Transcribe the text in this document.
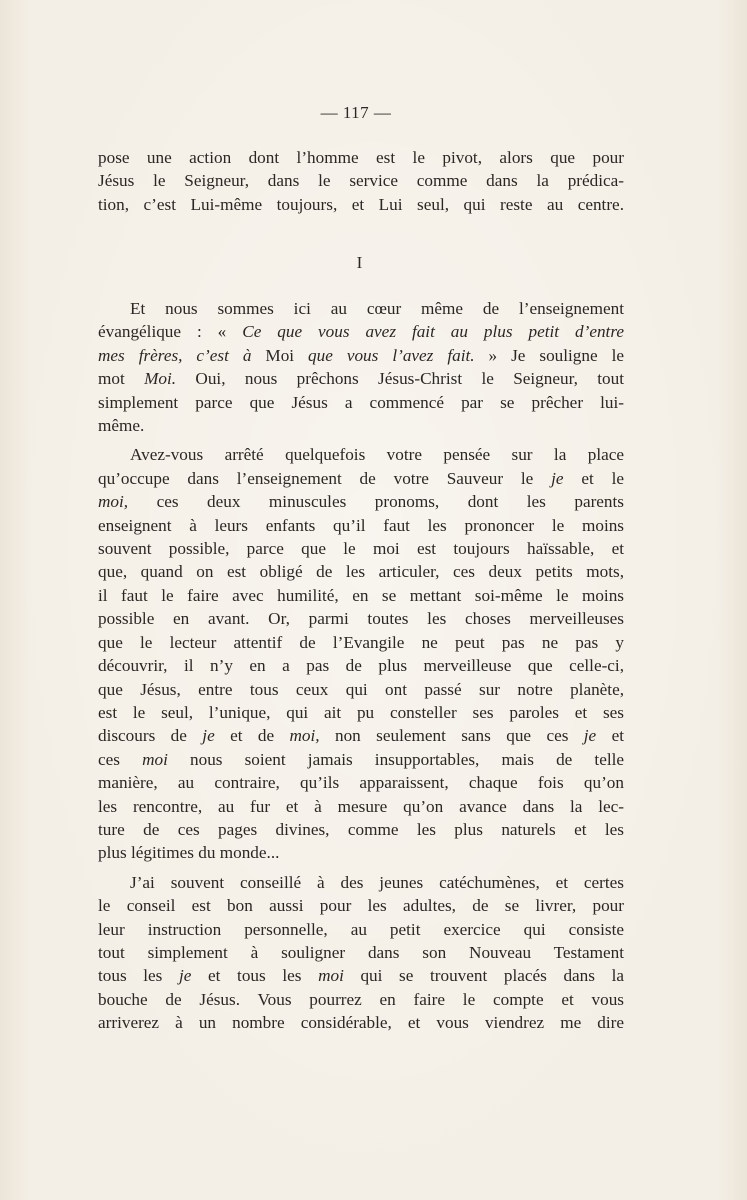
— 117 —

pose une action dont l’homme est le pivot, alors que pour
Jésus le Seigneur, dans le service comme dans la prédica-
tion, c’est Lui-même toujours, et Lui seul, qui reste au centre.

I

Et nous sommes ici au cœur même de l’enseignement
évangélique : « Ce que vous avez fait au plus petit d’entre
mes frères, c’est à Moi que vous l’avez fait. » Je souligne le
mot Moi. Oui, nous prêchons Jésus-Christ le Seigneur, tout
simplement parce que Jésus a commencé par se prêcher lui-
même.

Avez-vous arrêté quelquefois votre pensée sur la place
qu’occupe dans l’enseignement de votre Sauveur le je et le
moi, ces deux minuscules pronoms, dont les parents
enseignent à leurs enfants qu’il faut les prononcer le moins
souvent possible, parce que le moi est toujours haïssable, et
que, quand on est obligé de les articuler, ces deux petits mots,
il faut le faire avec humilité, en se mettant soi-même le moins
possible en avant. Or, parmi toutes les choses merveilleuses
que le lecteur attentif de l’Evangile ne peut pas ne pas y
découvrir, il n’y en a pas de plus merveilleuse que celle-ci,
que Jésus, entre tous ceux qui ont passé sur notre planète,
est le seul, l’unique, qui ait pu consteller ses paroles et ses
discours de je et de moi, non seulement sans que ces je et
ces moi nous soient jamais insupportables, mais de telle
manière, au contraire, qu’ils apparaissent, chaque fois qu’on
les rencontre, au fur et à mesure qu’on avance dans la lec-
ture de ces pages divines, comme les plus naturels et les
plus légitimes du monde...

J’ai souvent conseillé à des jeunes catéchumènes, et certes
le conseil est bon aussi pour les adultes, de se livrer, pour
leur instruction personnelle, au petit exercice qui consiste
tout simplement à souligner dans son Nouveau Testament
tous les je et tous les moi qui se trouvent placés dans la
bouche de Jésus. Vous pourrez en faire le compte et vous
arriverez à un nombre considérable, et vous viendrez me dire
